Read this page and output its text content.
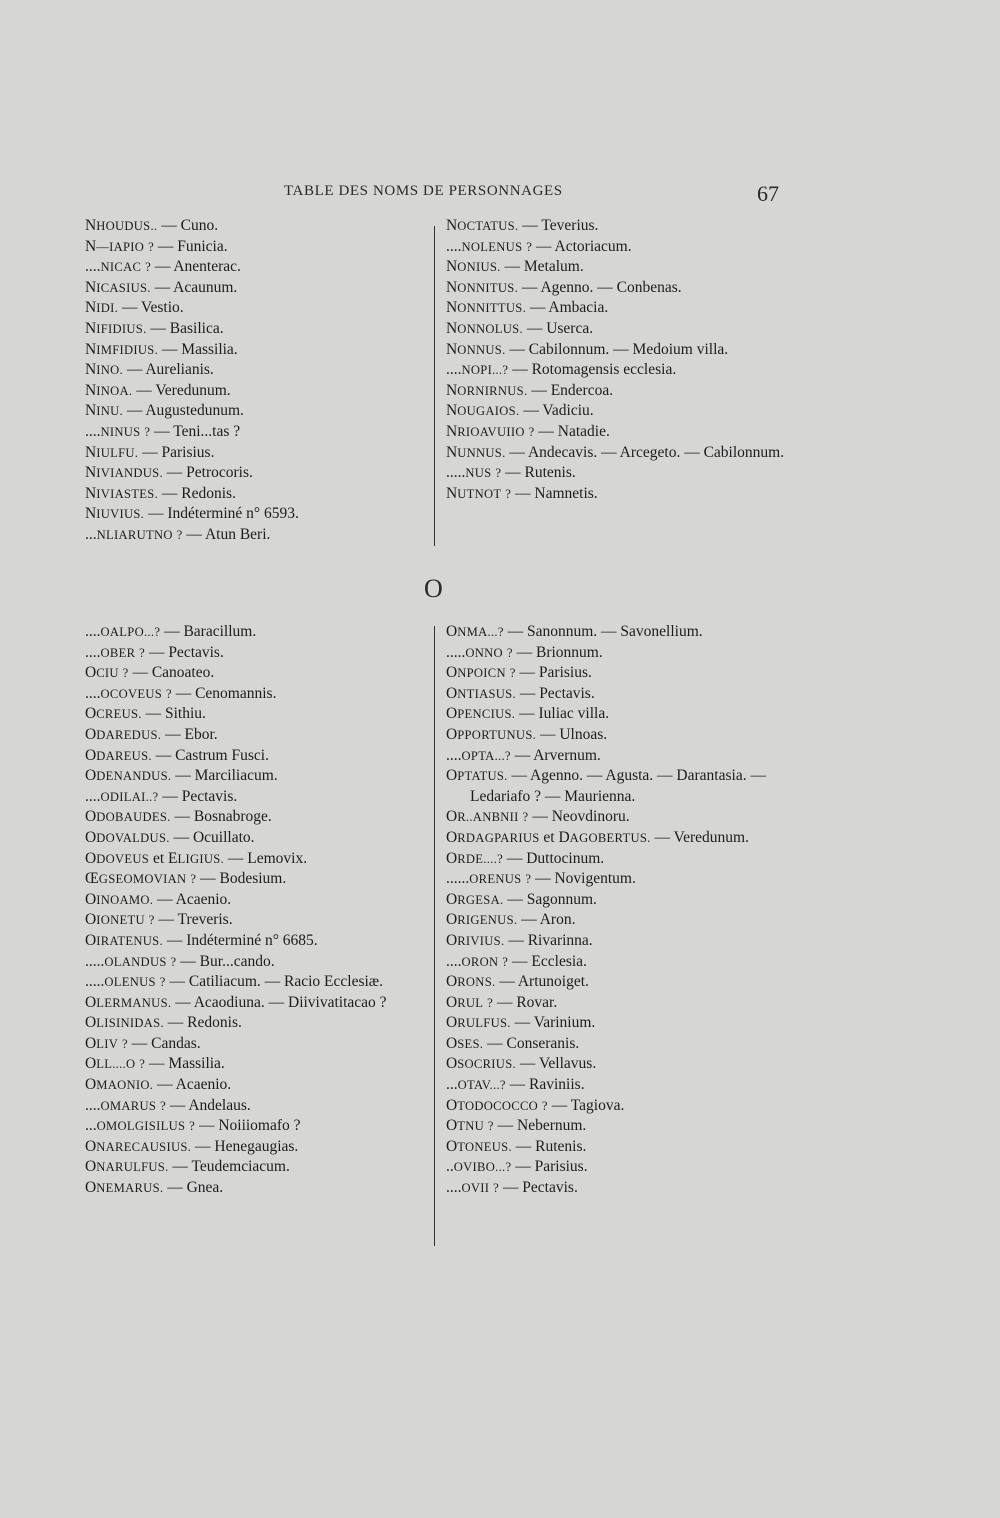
TABLE DES NOMS DE PERSONNAGES	67
NHOUDUS.. — Cuno.
N—IAPIO ? — Funicia.
....NICAC ? — Anenterac.
NICASIUS. — Acaunum.
NIDI. — Vestio.
NIFIDIUS. — Basilica.
NIMFIDIUS. — Massilia.
NINO. — Aurelianis.
NINOA. — Veredunum.
NINU. — Augustedunum.
....NINUS ? — Teni...tas ?
NIULFU. — Parisius.
NIVIANDUS. — Petrocoris.
NIVIASTES. — Redonis.
NIUVIUS. — Indéterminé n° 6593.
...NLIARUTNO ? — Atun Beri.
NOCTATUS. — Teverius.
....NOLENUS ? — Actoriacum.
NONIUS. — Metalum.
NONNITUS. — Agenno. — Conbenas.
NONNITTUS. — Ambacia.
NONNOLUS. — Userca.
NONNUS. — Cabilonnum. — Medoium villa.
....NOPI...? — Rotomagensis ecclesia.
NORNIRNUS. — Endercoa.
NOUGAIOS. — Vadiciu.
NRIOAVUIIO ? — Natadie.
NUNNUS. — Andecavis. — Arcegeto. — Cabilonnum.
.....NUS ? — Rutenis.
NUTNOT ? — Namnetis.
O
....OALPO...? — Baracillum.
....OBER ? — Pectavis.
OCIU ? — Canoateo.
....OCOVEUS ? — Cenomannis.
OCREUS. — Sithiu.
ODAREDUS. — Ebor.
ODAREUS. — Castrum Fusci.
ODENANDUS. — Marciliacum.
....ODILAI..? — Pectavis.
ODOBAUDES. — Bosnabroge.
ODOVALDUS. — Ocuillato.
ODOVEUS et ELIGIUS. — Lemovix.
ŒGSEOMOVIAN ? — Bodesium.
OINOAMO. — Acaenio.
OIONETU ? — Treveris.
OIRATENUS. — Indéterminé n° 6685.
.....OLANDUS ? — Bur...cando.
.....OLENUS ? — Catiliacum. — Racio Ecclesiæ.
OLERMANUS. — Acaodiuna. — Diivivatitacao ?
OLISINIDAS. — Redonis.
OLIV ? — Candas.
OLL....O ? — Massilia.
OMAONIO. — Acaenio.
....OMARUS ? — Andelaus.
...OMOLGISILUS ? — Noiiiomafo ?
ONARECAUSIUS. — Henegaugias.
ONARULFUS. — Teudemciacum.
ONEMARUS. — Gnea.
ONMA...? — Sanonnum. — Savonellium.
.....ONNO ? — Brionnum.
ONPOICN ? — Parisius.
ONTIASUS. — Pectavis.
OPENCIUS. — Iuliac villa.
OPPORTUNUS. — Ulnoas.
....OPTA...? — Arvernum.
OPTATUS. — Agenno. — Agusta. — Darantasia. — Ledariafo ? — Maurienna.
OR..ANBNII ? — Neovdinoru.
ORDAGPARIUS et DAGOBERTUS. — Veredunum.
ORDE....? — Duttocinum.
......ORENUS ? — Novigentum.
ORGESA. — Sagonnum.
ORIGENUS. — Aron.
ORIVIUS. — Rivarinna.
....ORON ? — Ecclesia.
ORONS. — Artunoiget.
ORUL ? — Rovar.
ORULFUS. — Varinium.
OSES. — Conseranis.
OSOCRIUS. — Vellavus.
...OTAV...? — Raviniis.
OTODOCOCCO ? — Tagiova.
OTNU ? — Nebernum.
OTONEUS. — Rutenis.
..OVIBO...? — Parisius.
....OVII ? — Pectavis.
